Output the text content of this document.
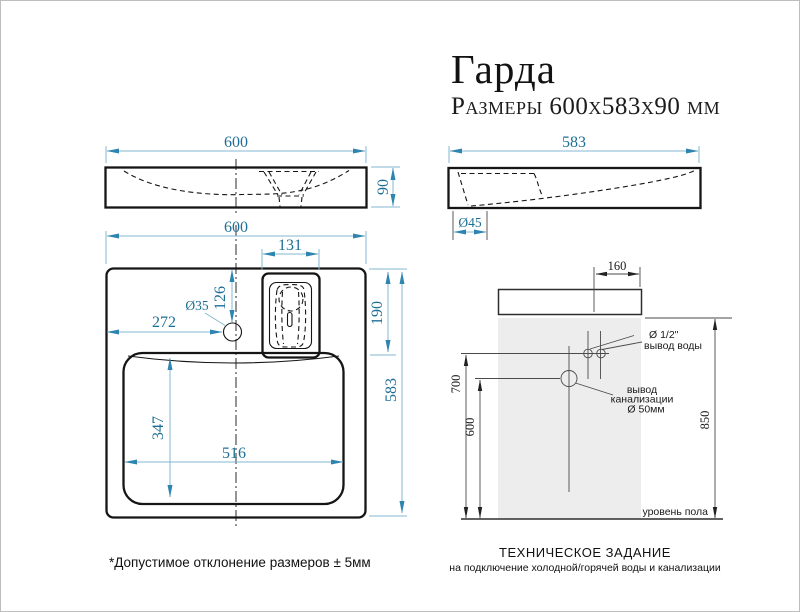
Гарда
Размеры 600x583x90 мм
600
90
Ø45
583
600
131
126
Ø35
272	190
583
347
516
Ø 1/2"
вывод воды
вывод
канализации
Ø 50мм
160
700
600	850
уровень пола
*Допустимое отклонение размеров ± 5мм
ТЕХНИЧЕСКОЕ ЗАДАНИЕ
на подключение холодной/горячей воды и канализации
